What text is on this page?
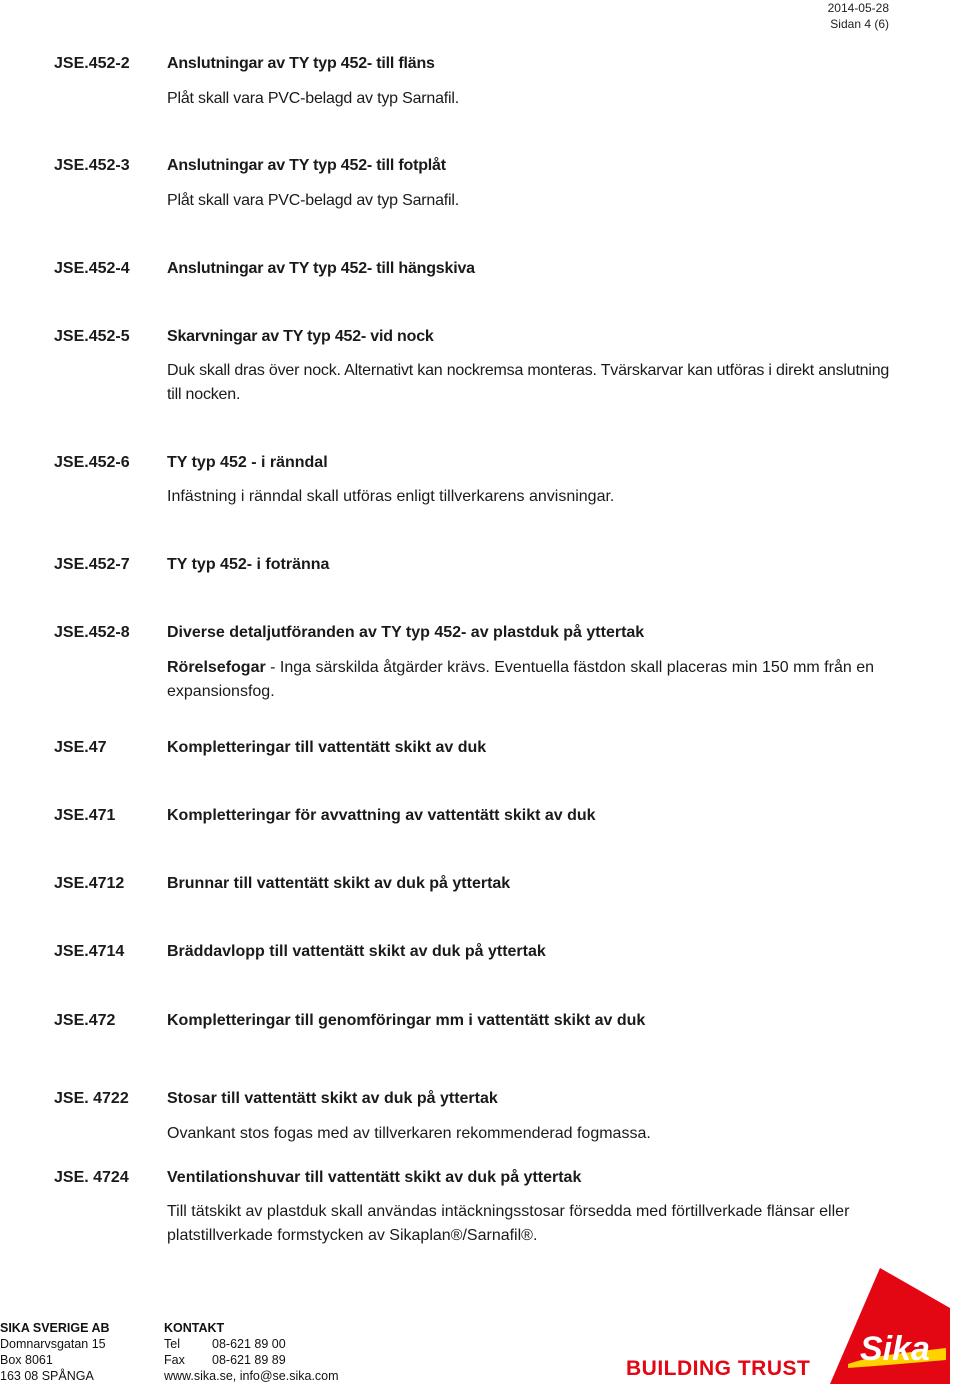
2014-05-28
Sidan 4 (6)
JSE.452-2 Anslutningar av TY typ 452- till fläns
Plåt skall vara PVC-belagd av typ Sarnafil.
JSE.452-3 Anslutningar av TY typ 452- till fotplåt
Plåt skall vara PVC-belagd av typ Sarnafil.
JSE.452-4 Anslutningar av TY typ 452- till hängskiva
JSE.452-5 Skarvningar av TY typ 452- vid nock
Duk skall dras över nock. Alternativt kan nockremsa monteras. Tvärskarvar kan utföras i direkt anslutning till nocken.
JSE.452-6 TY typ 452 - i ränndal
Infästning i ränndal skall utföras enligt tillverkarens anvisningar.
JSE.452-7 TY typ 452- i fotränna
JSE.452-8 Diverse detaljutföranden av TY typ 452- av plastduk på yttertak
Rörelsefogar - Inga särskilda åtgärder krävs. Eventuella fästdon skall placeras min 150 mm från en expansionsfog.
JSE.47	Kompletteringar till vattentätt skikt av duk
JSE.471	Kompletteringar för avvattning av vattentätt skikt av duk
JSE.4712	Brunnar till vattentätt skikt av duk på yttertak
JSE.4714	Bräddavlopp till vattentätt skikt av duk på yttertak
JSE.472	Kompletteringar till genomföringar mm i vattentätt skikt av duk
JSE. 4722 Stosar till vattentätt skikt av duk på yttertak
Ovankant stos fogas med av tillverkaren rekommenderad fogmassa.
JSE. 4724 Ventilationshuvar till vattentätt skikt av duk på yttertak
Till tätskikt av plastduk skall användas intäckningsstosar försedda med förtillverkade flänsar eller platstillverkade formstycken av Sikaplan®/Sarnafil®.
SIKA SVERIGE AB
Domnarvsgatan 15
Box 8061
163 08 SPÅNGA
KONTAKT
Tel	08-621 89 00
Fax 08-621 89 89
www.sika.se, info@se.sika.com	BUILDING TRUST
Sika
